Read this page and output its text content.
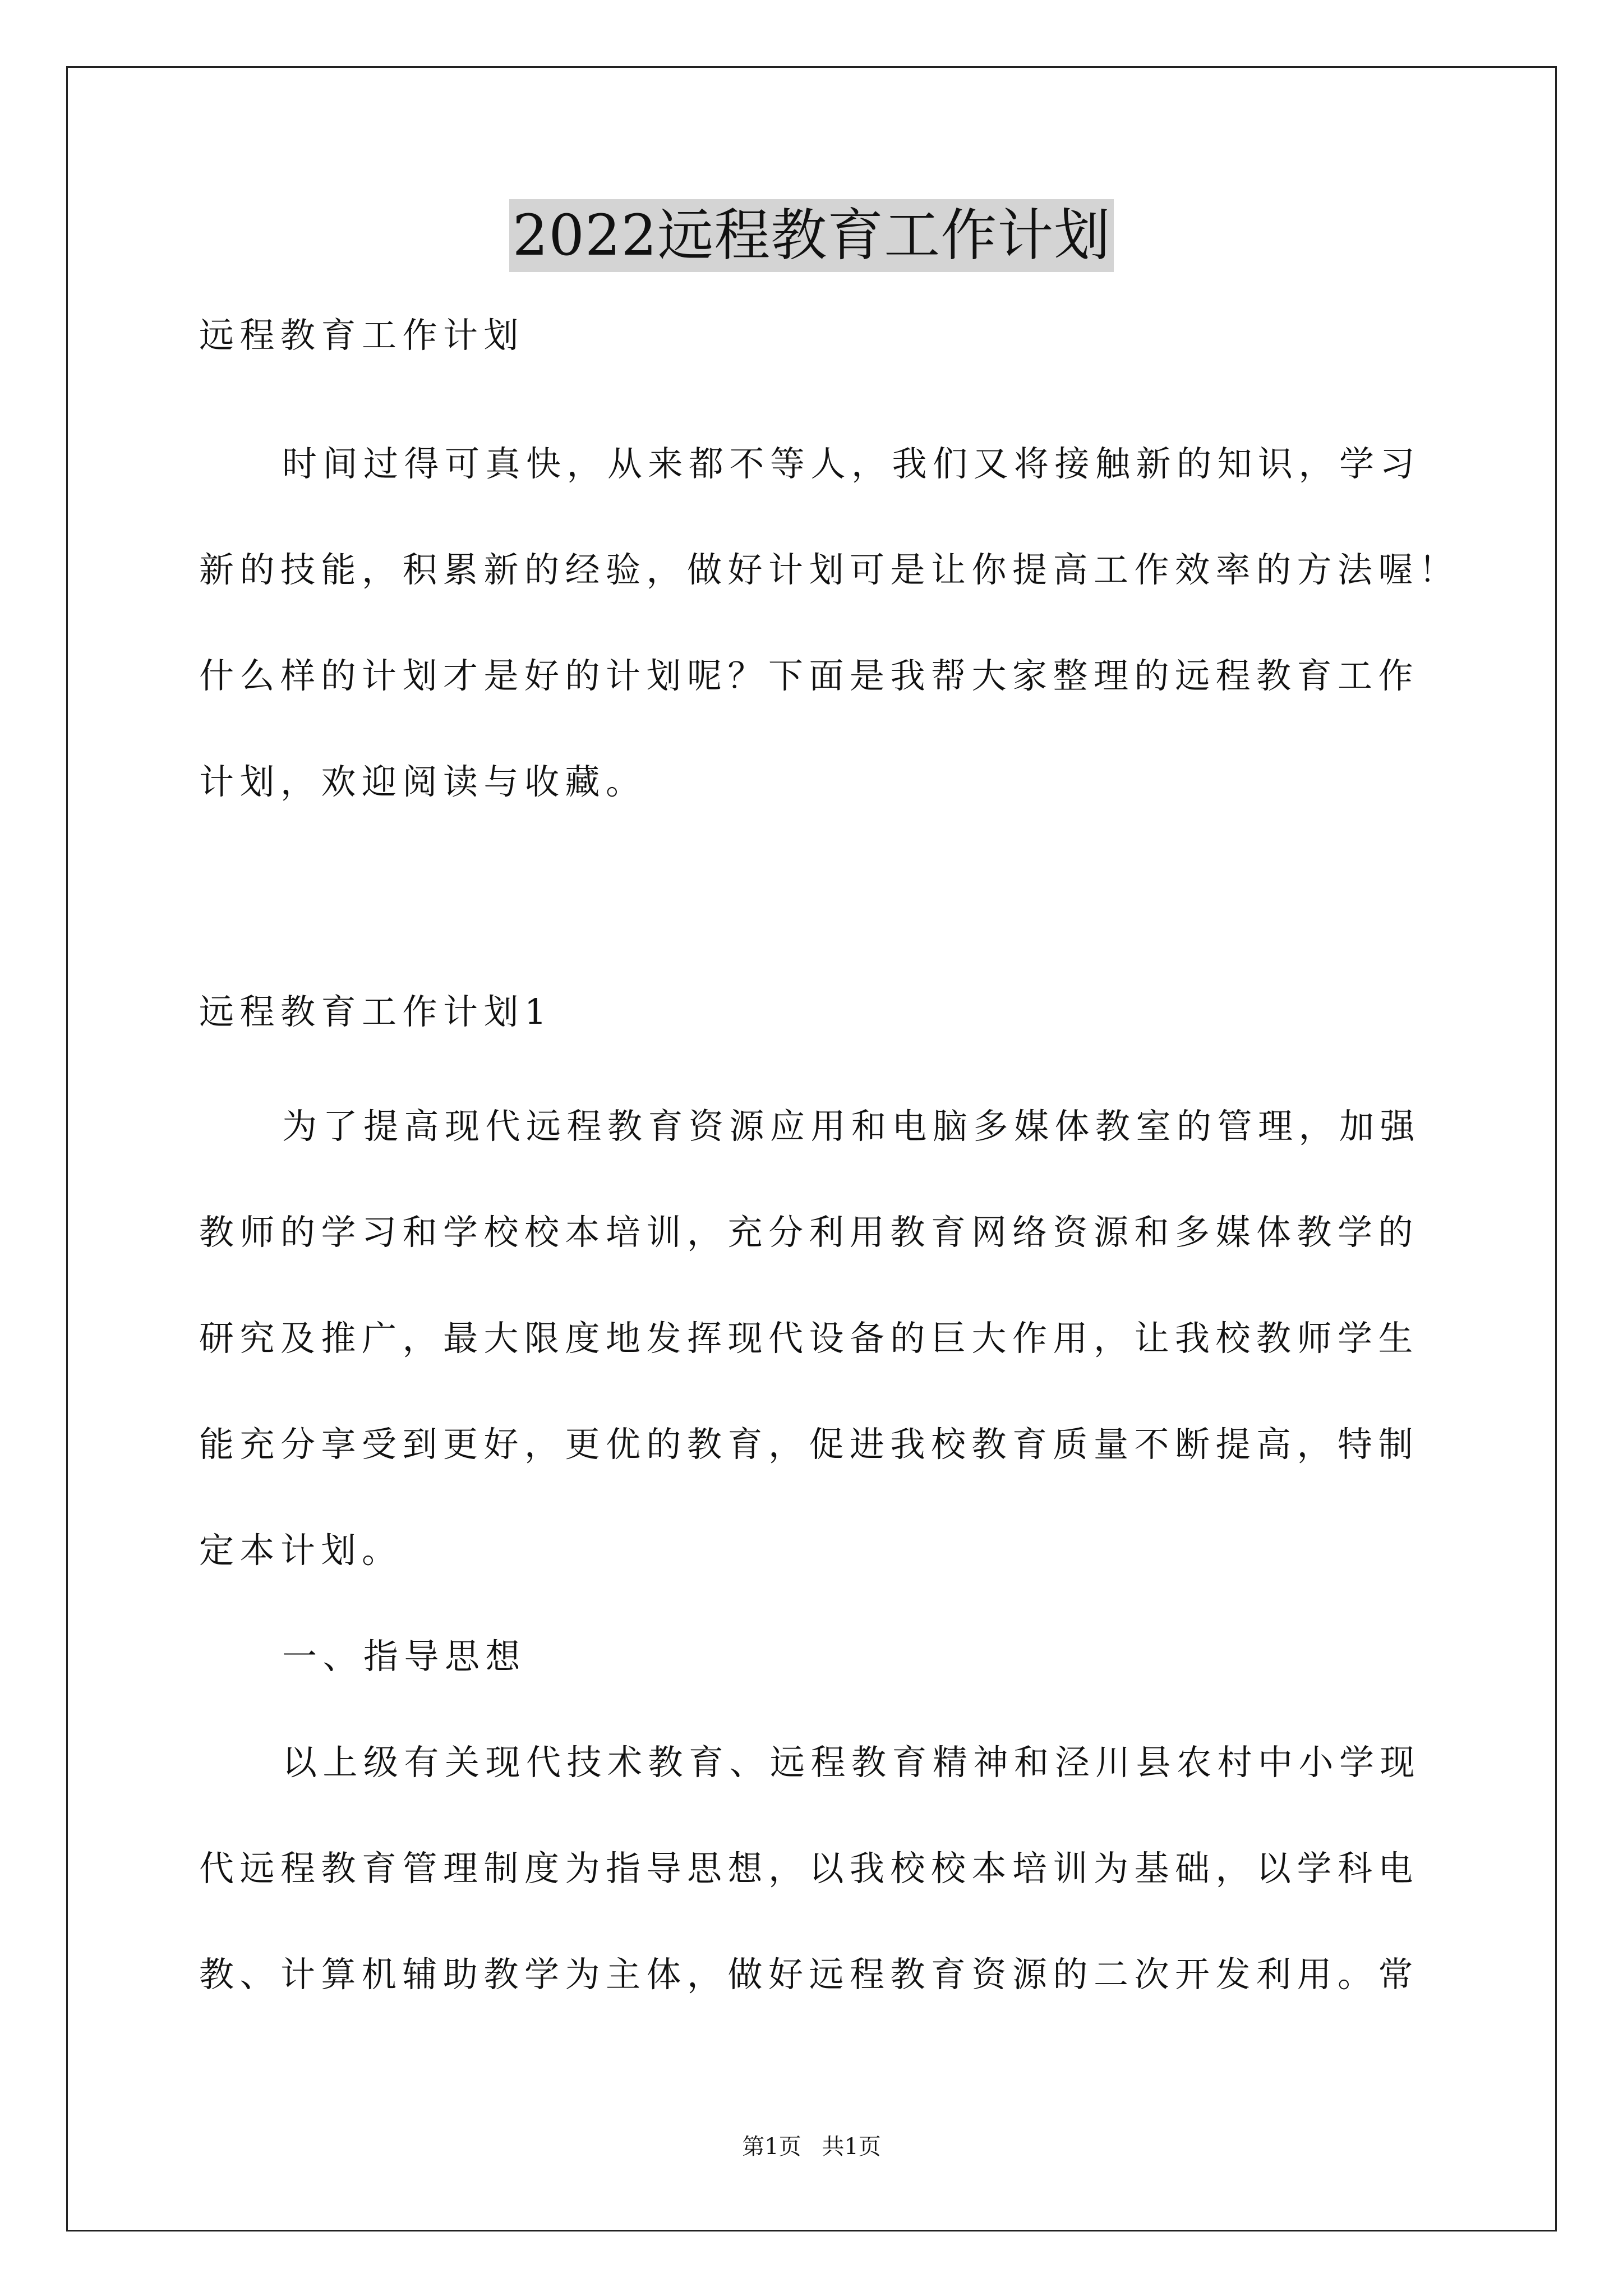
2022远程教育工作计划
远程教育工作计划
时间过得可真快，从来都不等人，我们又将接触新的知识，学习
新的技能，积累新的经验，做好计划可是让你提高工作效率的方法喔！
什么样的计划才是好的计划呢？下面是我帮大家整理的远程教育工作
计划，欢迎阅读与收藏。
远程教育工作计划1
为了提高现代远程教育资源应用和电脑多媒体教室的管理，加强
教师的学习和学校校本培训，充分利用教育网络资源和多媒体教学的
研究及推广，最大限度地发挥现代设备的巨大作用，让我校教师学生
能充分享受到更好，更优的教育，促进我校教育质量不断提高，特制
定本计划。
一、指导思想
以上级有关现代技术教育、远程教育精神和泾川县农村中小学现
代远程教育管理制度为指导思想，以我校校本培训为基础，以学科电
教、计算机辅助教学为主体，做好远程教育资源的二次开发利用。常
第1页 共1页
